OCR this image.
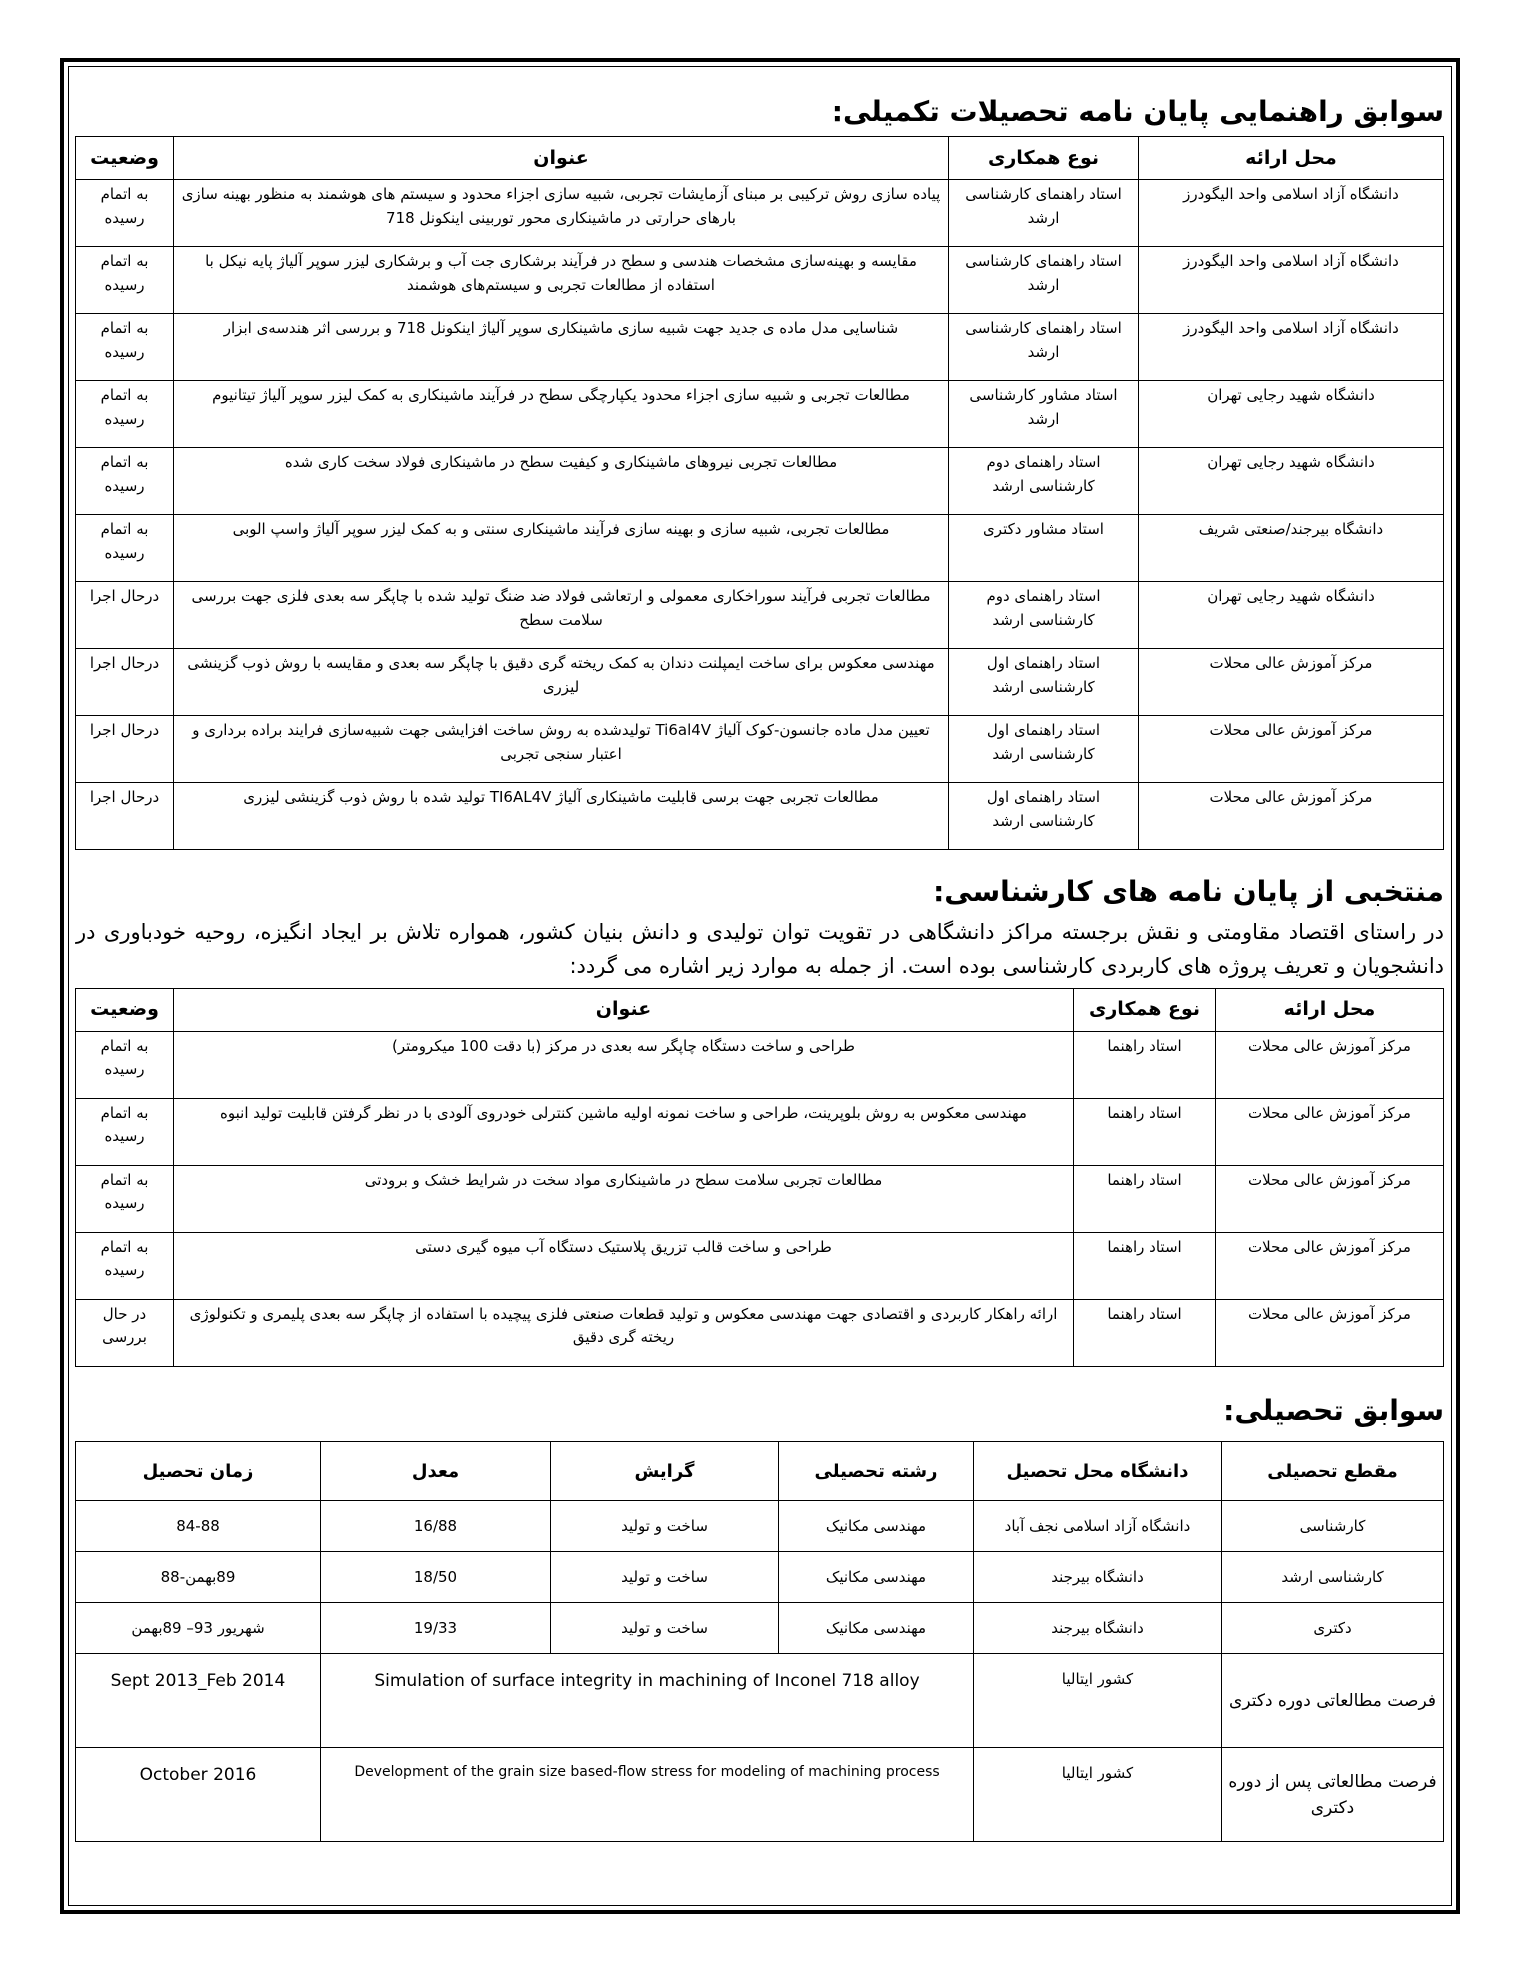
سوابق راهنمایی پایان نامه تحصیلات تکمیلی:
محل ارائه	نوع همکاری	عنوان	وضعیت
دانشگاه آزاد اسلامی واحد الیگودرز	استاد راهنمای کارشناسی ارشد	پیاده سازی روش ترکیبی بر مبنای آزمایشات تجربی، شبیه سازی اجزاء محدود و سیستم های هوشمند به منظور بهینه سازی بارهای حرارتی در ماشینکاری محور توربینی اینکونل 718	به اتمام رسیده
دانشگاه آزاد اسلامی واحد الیگودرز	استاد راهنمای کارشناسی ارشد	مقایسه و بهینه‌سازی مشخصات هندسی و سطح در فرآیند برشکاری جت آب و برشکاری لیزر سوپر آلیاژ پایه نیکل با استفاده از مطالعات تجربی و سیستم‌های هوشمند	به اتمام رسیده
دانشگاه آزاد اسلامی واحد الیگودرز	استاد راهنمای کارشناسی ارشد	شناسایی مدل ماده ی جدید جهت شبیه سازی ماشینکاری سوپر آلیاژ اینکونل 718 و بررسی اثر هندسه‌ی ابزار	به اتمام رسیده
دانشگاه شهید رجایی تهران	استاد مشاور کارشناسی ارشد	مطالعات تجربی و شبیه سازی اجزاء محدود یکپارچگی سطح در فرآیند ماشینکاری به کمک لیزر سوپر آلیاژ تیتانیوم	به اتمام رسیده
دانشگاه شهید رجایی تهران	استاد راهنمای دوم کارشناسی ارشد	مطالعات تجربی نیروهای ماشینکاری و کیفیت سطح در ماشینکاری فولاد سخت کاری شده	به اتمام رسیده
دانشگاه بیرجند/صنعتی شریف	استاد مشاور دکتری	مطالعات تجربی، شبیه سازی و بهینه سازی فرآیند ماشینکاری سنتی و به کمک لیزر سوپر آلیاژ واسپ الوبی	به اتمام رسیده
دانشگاه شهید رجایی تهران	استاد راهنمای دوم کارشناسی ارشد	مطالعات تجربی فرآیند سوراخکاری معمولی و ارتعاشی فولاد ضد ضنگ تولید شده با چاپگر سه بعدی فلزی جهت بررسی سلامت سطح	درحال اجرا
مرکز آموزش عالی محلات	استاد راهنمای اول کارشناسی ارشد	مهندسی معکوس برای ساخت ایمپلنت دندان به کمک ریخته گری دقیق با چاپگر سه بعدی و مقایسه با روش ذوب گزینشی لیزری	درحال اجرا
مرکز آموزش عالی محلات	استاد راهنمای اول کارشناسی ارشد	تعیین مدل ماده جانسون-کوک آلیاژ Ti6al4V تولیدشده به روش ساخت افزایشی جهت شبیه‌سازی فرایند براده برداری و اعتبار سنجی تجربی	درحال اجرا
مرکز آموزش عالی محلات	استاد راهنمای اول کارشناسی ارشد	مطالعات تجربی جهت برسی قابلیت ماشینکاری آلیاژ TI6AL4V تولید شده با روش ذوب گزینشی لیزری	درحال اجرا
منتخبی از پایان نامه های کارشناسی:

در راستای اقتصاد مقاومتی و نقش برجسته مراکز دانشگاهی در تقویت توان تولیدی و دانش بنیان کشور، همواره تلاش بر ایجاد انگیزه، روحیه خودباوری در دانشجویان و تعریف پروژه های کاربردی کارشناسی بوده است. از جمله به موارد زیر اشاره می گردد:

محل ارائه	نوع همکاری	عنوان	وضعیت
مرکز آموزش عالی محلات	استاد راهنما	طراحی و ساخت دستگاه چاپگر سه بعدی در مرکز (با دقت 100 میکرومتر)	به اتمام رسیده
مرکز آموزش عالی محلات	استاد راهنما	مهندسی معکوس به روش بلوپرینت، طراحی و ساخت نمونه اولیه ماشین کنترلی خودروی آلودی با در نظر گرفتن قابلیت تولید انبوه	به اتمام رسیده
مرکز آموزش عالی محلات	استاد راهنما	مطالعات تجربی سلامت سطح در ماشینکاری مواد سخت در شرایط خشک و برودتی	به اتمام رسیده
مرکز آموزش عالی محلات	استاد راهنما	طراحی و ساخت قالب تزریق پلاستیک دستگاه آب میوه گیری دستی	به اتمام رسیده
مرکز آموزش عالی محلات	استاد راهنما	ارائه راهکار کاربردی و اقتصادی جهت مهندسی معکوس و تولید قطعات صنعتی فلزی پیچیده با استفاده از چاپگر سه بعدی پلیمری و تکنولوژی ریخته گری دقیق	در حال بررسی
سوابق تحصیلی:
مقطع تحصیلی	دانشگاه محل تحصیل	رشته تحصیلی	گرایش	معدل	زمان تحصیل
کارشناسی	دانشگاه آزاد اسلامی نجف آباد	مهندسی مکانیک	ساخت و تولید	16/88	84-88
کارشناسی ارشد	دانشگاه بیرجند	مهندسی مکانیک	ساخت و تولید	18/50	89بهمن-88
دکتری	دانشگاه بیرجند	مهندسی مکانیک	ساخت و تولید	19/33	شهریور 93– 89بهمن
فرصت مطالعاتی دوره دکتری	کشور ایتالیا	Simulation of surface integrity in machining of Inconel 718 alloy			Sept 2013_Feb 2014
فرصت مطالعاتی پس از دوره دکتری	کشور ایتالیا	Development of the grain size based-flow stress for modeling of machining process			October 2016
